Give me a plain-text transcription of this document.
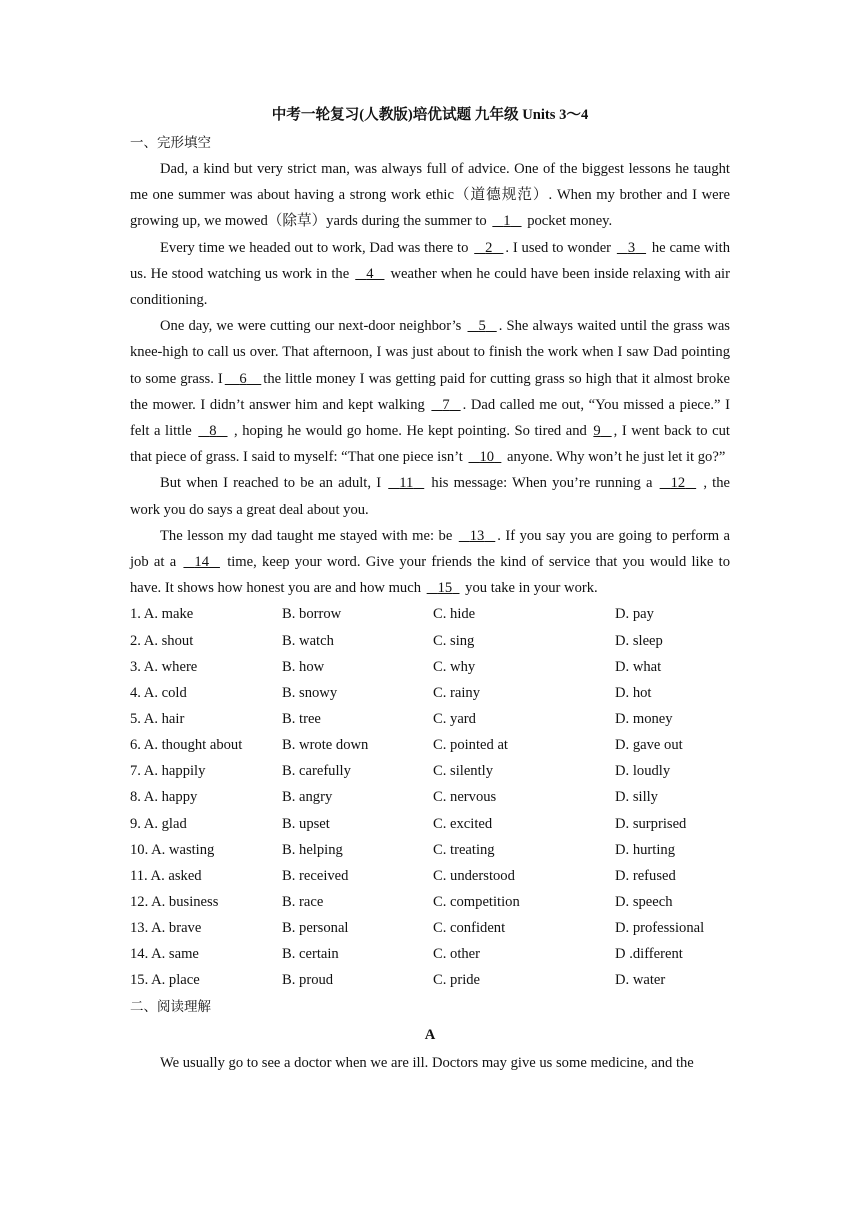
中考一轮复习(人教版)培优试题 九年级 Units 3～4
一、完形填空

Dad, a kind but very strict man, was always full of advice. One of the biggest lessons he taught me one summer was about having a strong work ethic（道德规范）. When my brother and I were growing up, we mowed（除草）yards during the summer to    1    pocket money.

Every time we headed out to work, Dad was there to    2 . I used to wonder    3    he came with us. He stood watching us work in the    4    weather when he could have been inside relaxing with air conditioning.

One day, we were cutting our next-door neighbor’s    5 . She always waited until the grass was knee-high to call us over. That afternoon, I was just about to finish the work when I saw Dad pointing to some grass. I 6 the little money I was getting paid for cutting grass so high that it almost broke the mower. I didn’t answer him and kept walking    7 . Dad called me out, “You missed a piece.” I felt a little    8    , hoping he would go home. He kept pointing. So tired and 9 , I went back to cut that piece of grass. I said to myself: “That one piece isn’t    10   anyone. Why won’t he just let it go?”

But when I reached to be an adult, I    11    his message: When you’re running a    12    , the work you do says a great deal about you.

The lesson my dad taught me stayed with me: be    13 . If you say you are going to perform a job at a    14    time, keep your word. Give your friends the kind of service that you would like to have. It shows how honest you are and how much    15   you take in your work.

1. A. make	B. borrow	C. hide	D. pay
2. A. shout	B. watch	C. sing	D. sleep
3. A. where	B. how	C. why	D. what
4. A. cold	B. snowy	C. rainy	D. hot
5. A. hair	B. tree	C. yard	D. money
6. A. thought about	B. wrote down	C. pointed at	D. gave out
7. A. happily	B. carefully	C. silently	D. loudly
8. A. happy	B. angry	C. nervous	D. silly
9. A. glad	B. upset	C. excited	D. surprised
10. A. wasting	B. helping	C. treating	D. hurting
11. A. asked	B. received	C. understood	D. refused
12. A. business	B. race	C. competition	D. speech
13. A. brave	B. personal	C. confident	D. professional
14. A. same	B. certain	C. other	D .different
15. A. place	B. proud	C. pride	D. water
二、阅读理解
A

We usually go to see a doctor when we are ill. Doctors may give us some medicine, and the
